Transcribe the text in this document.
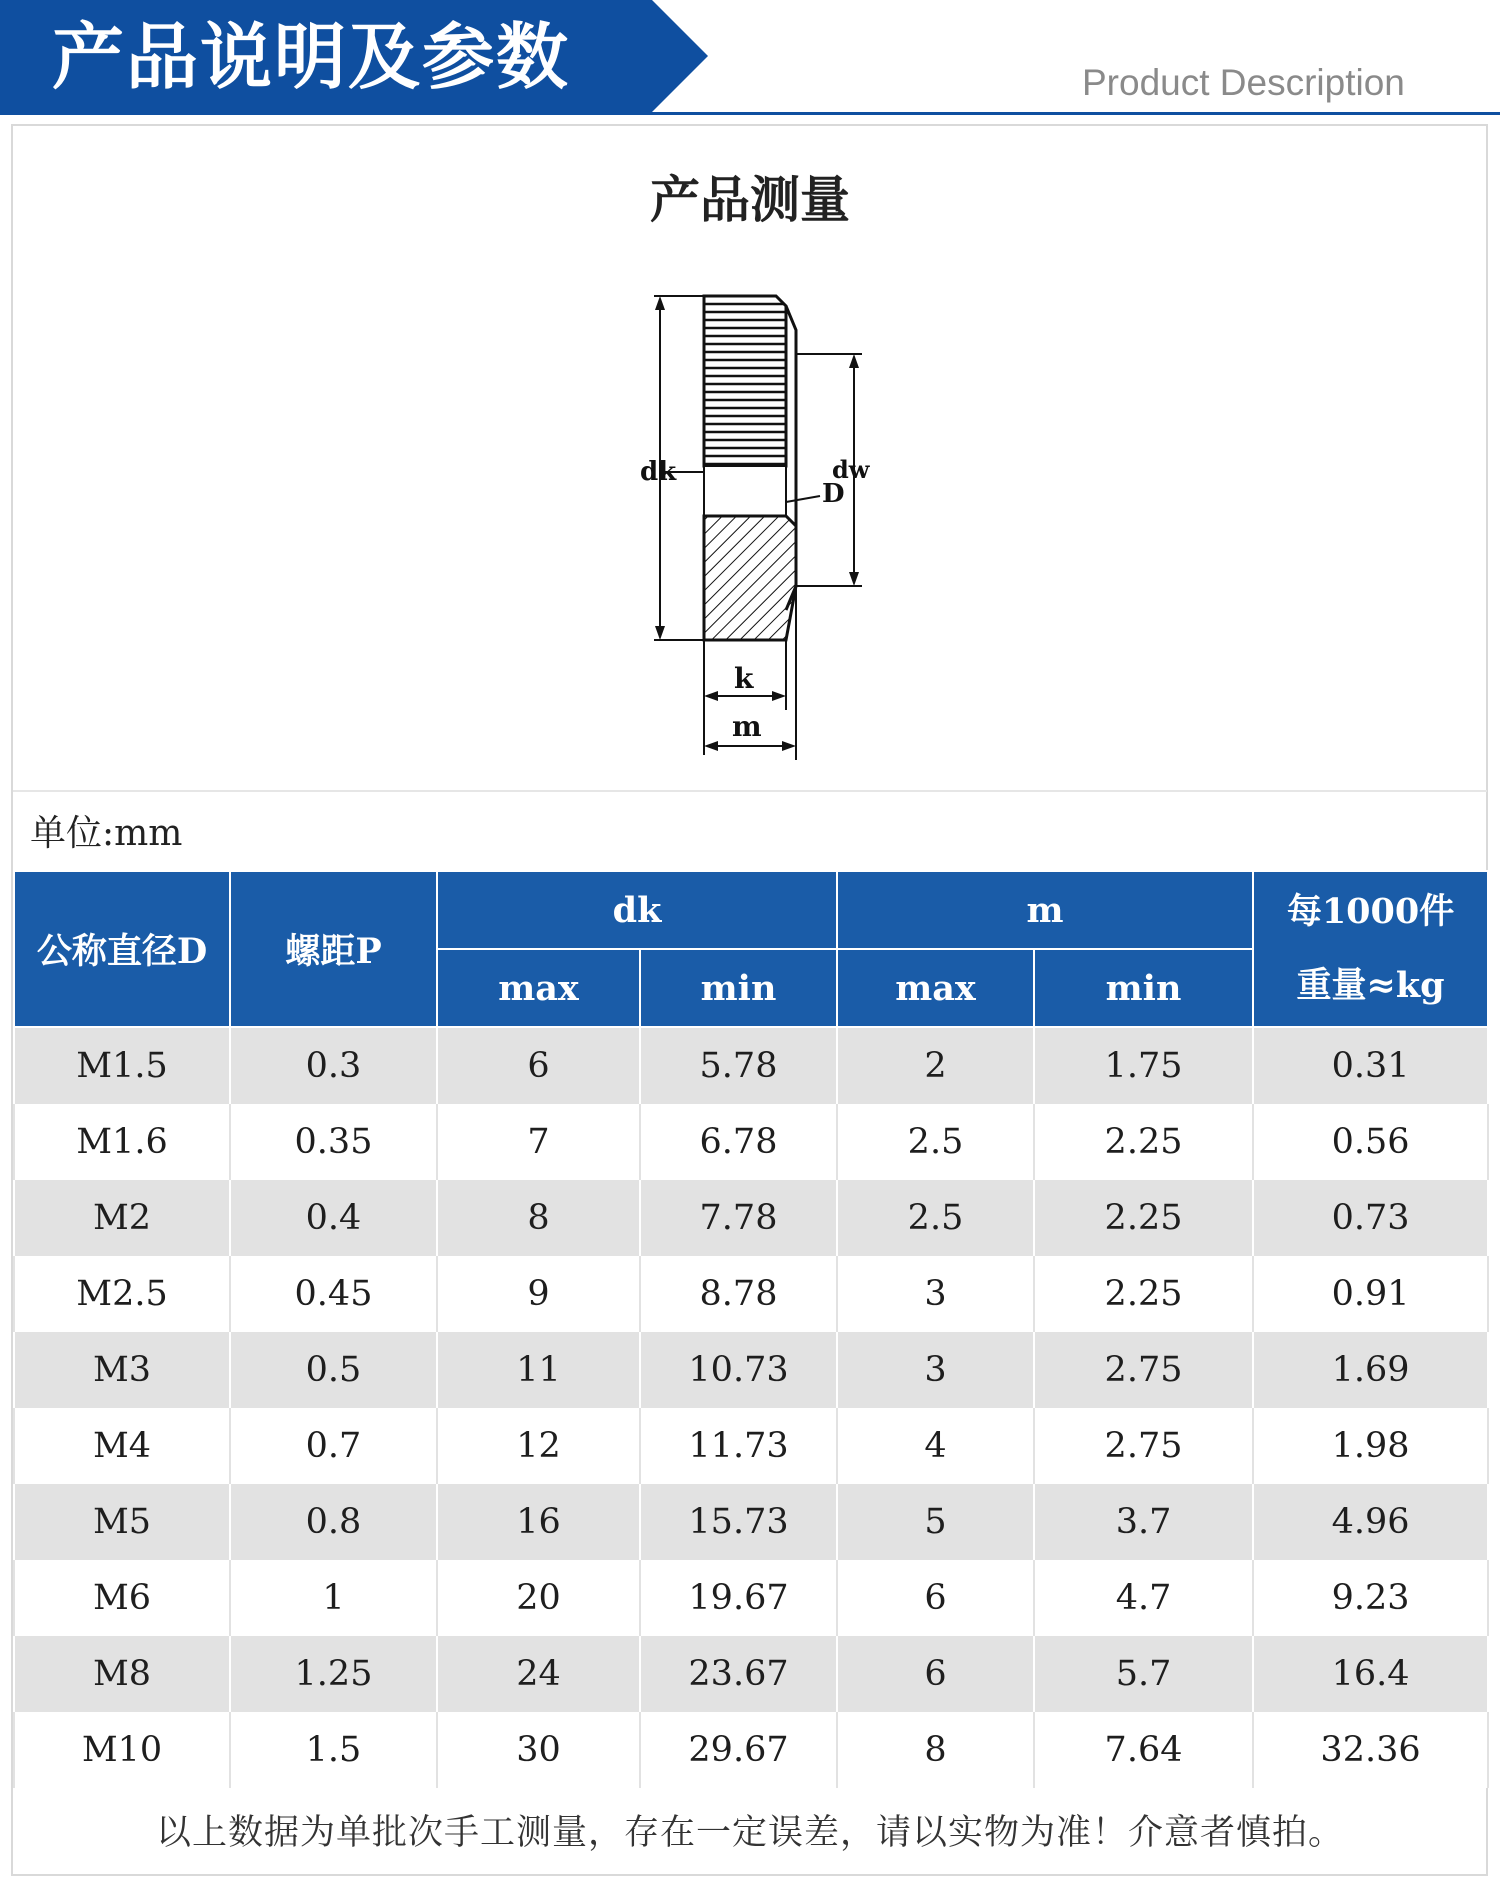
产品说明及参数	Product Description
产品测量
dk	dw
D
k
m
单位:mm
公称直径D	螺距P	dk		m		每1000件
重量≈kg

		max	min	max	min	
M1.5	0.3	6	5.78	2	1.75	0.31
M1.6	0.35	7	6.78	2.5	2.25	0.56
M2	0.4	8	7.78	2.5	2.25	0.73
M2.5	0.45	9	8.78	3	2.25	0.91
M3	0.5	11	10.73	3	2.75	1.69
M4	0.7	12	11.73	4	2.75	1.98
M5	0.8	16	15.73	5	3.7	4.96
M6	1	20	19.67	6	4.7	9.23
M8	1.25	24	23.67	6	5.7	16.4
M10	1.5	30	29.67	8	7.64	32.36
以上数据为单批次手工测量，存在一定误差，请以实物为准！介意者慎拍。
